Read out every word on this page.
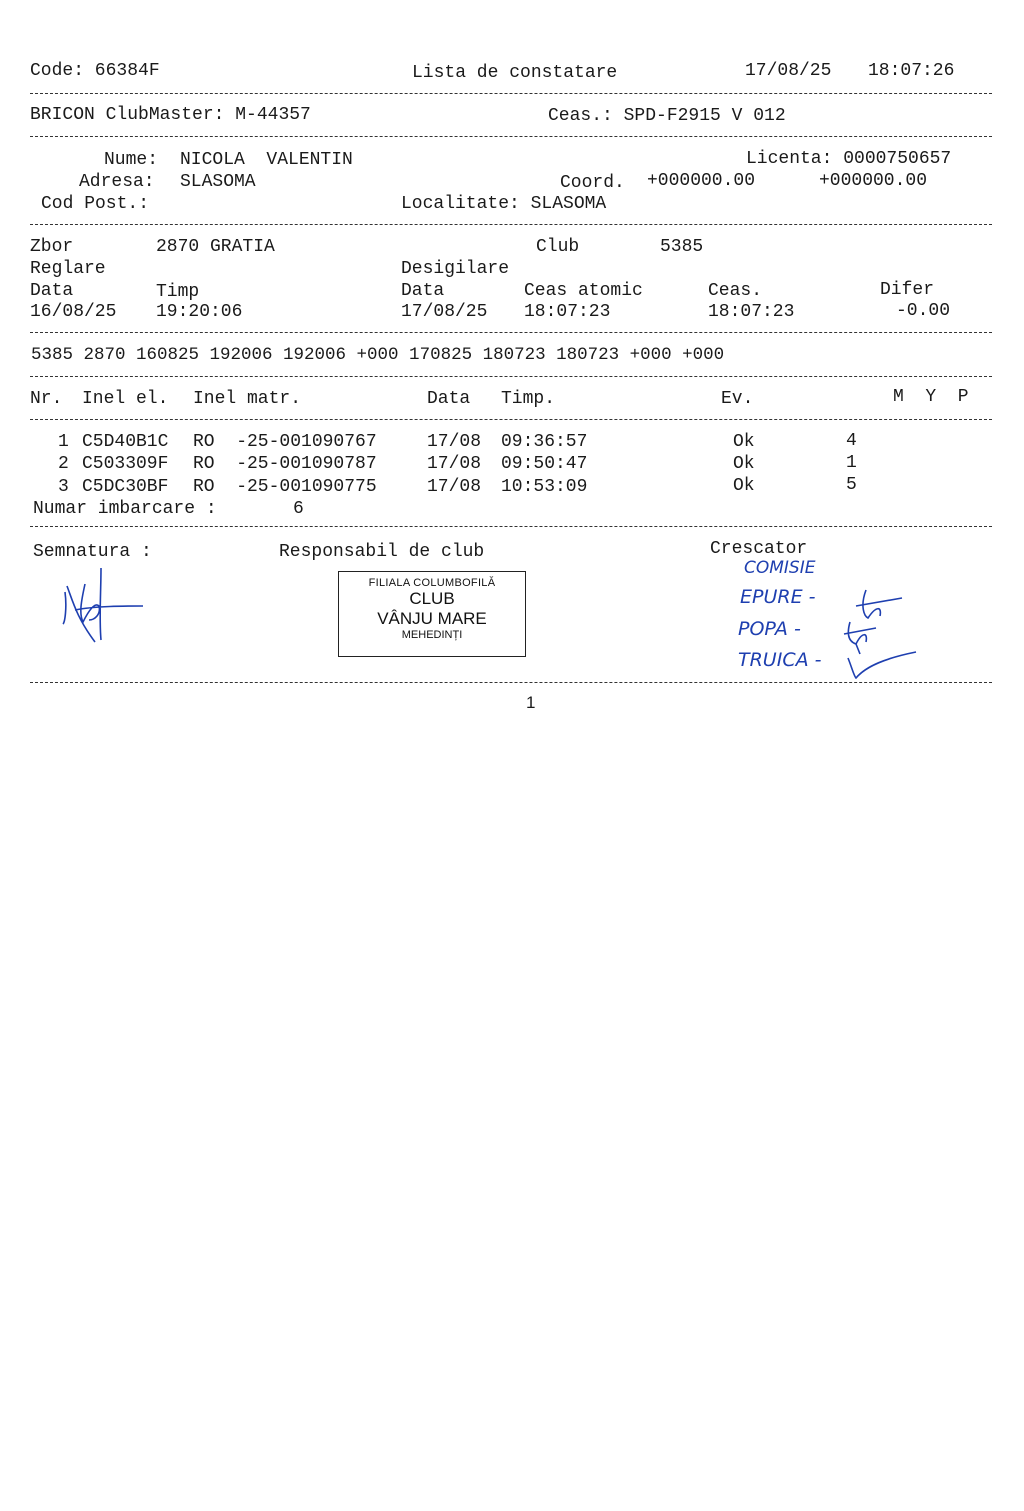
Code: 66384F	Lista de constatare	17/08/25 18:07:26
BRICON ClubMaster: M-44357	Ceas.: SPD-F2915 V 012
Nume: NICOLA  VALENTIN	Licenta: 0000750657
Adresa: SLASOMA	Coord. +000000.00	+000000.00
Cod Post.:	Localitate: SLASOMA
Zbor	2870 GRATIA	Club	5385
Reglare	Desigilare
Data	Timp	Data	Ceas atomic	Ceas.	Difer
16/08/25 19:20:06	17/08/25 18:07:23	18:07:23	-0.00
5385 2870 160825 192006 192006 +000 170825 180723 180723 +000 +000
Nr. Inel el. Inel matr.	Data Timp.	Ev.	M  Y  P
1 C5D40B1C RO  -25-001090767	17/08 09:36:57	Ok	4
2 C503309F RO  -25-001090787	17/08 09:50:47	Ok	1
3 C5DC30BF RO  -25-001090775	17/08 10:53:09	Ok	5
Numar imbarcare :	6
Semnatura :	Responsabil de club	Crescator
FILIALA COLUMBOFILĂ
CLUB
VÂNJU MARE
MEHEDINȚI
COMISIE
EPURE -
POPA -
TRUICA -
1
